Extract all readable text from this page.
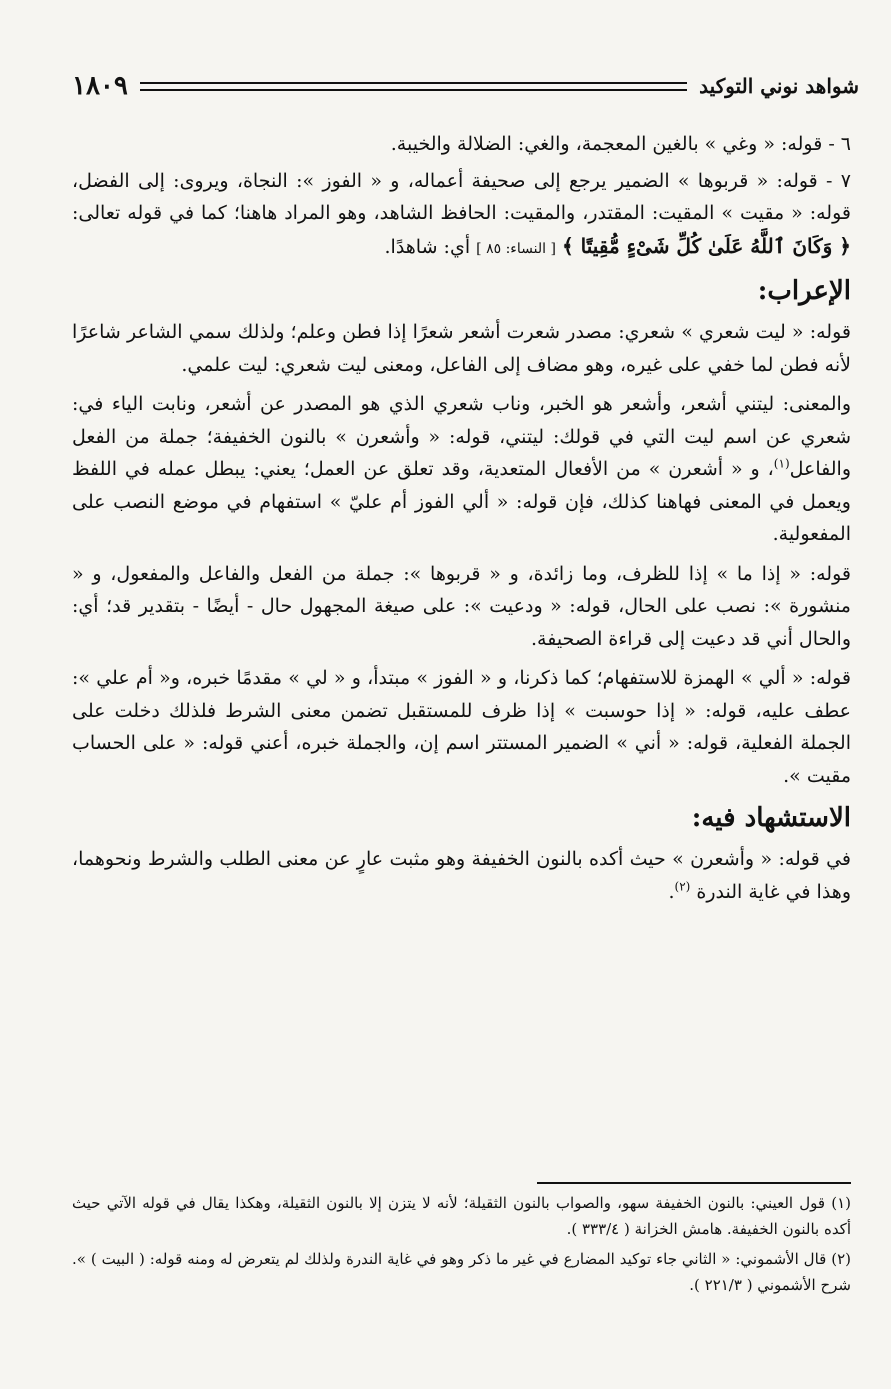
شواهد نوني التوكيد
١٨٠٩

٦ - قوله: « وغي » بالغين المعجمة، والغي: الضلالة والخيبة.

٧ - قوله: « قربوها » الضمير يرجع إلى صحيفة أعماله، و « الفوز »: النجاة، ويروى: إلى الفضل، قوله: « مقيت » المقيت: المقتدر، والمقيت: الحافظ الشاهد، وهو المراد هاهنا؛ كما في قوله تعالى: ﴿ وَكَانَ ٱللَّهُ عَلَىٰ كُلِّ شَىْءٍ مُّقِيتًا ﴾ [ النساء: ٨٥ ] أي: شاهدًا.

الإعراب:

قوله: « ليت شعري » شعري: مصدر شعرت أشعر شعرًا إذا فطن وعلم؛ ولذلك سمي الشاعر شاعرًا لأنه فطن لما خفي على غيره، وهو مضاف إلى الفاعل، ومعنى ليت شعري: ليت علمي.

والمعنى: ليتني أشعر، وأشعر هو الخبر، وناب شعري الذي هو المصدر عن أشعر، ونابت الياء في: شعري عن اسم ليت التي في قولك: ليتني، قوله: « وأشعرن » بالنون الخفيفة؛ جملة من الفعل والفاعل$^{(١)}$، و « أشعرن » من الأفعال المتعدية، وقد تعلق عن العمل؛ يعني: يبطل عمله في اللفظ ويعمل في المعنى فهاهنا كذلك، فإن قوله: « ألي الفوز أم عليّ » استفهام في موضع النصب على المفعولية.

قوله: « إذا ما » إذا للظرف، وما زائدة، و « قربوها »: جملة من الفعل والفاعل والمفعول، و « منشورة »: نصب على الحال، قوله: « ودعيت »: على صيغة المجهول حال - أيضًا - بتقدير قد؛ أي: والحال أني قد دعيت إلى قراءة الصحيفة.

قوله: « ألي » الهمزة للاستفهام؛ كما ذكرنا، و « الفوز » مبتدأ، و « لي » مقدمًا خبره، و« أم علي »: عطف عليه، قوله: « إذا حوسبت » إذا ظرف للمستقبل تضمن معنى الشرط فلذلك دخلت على الجملة الفعلية، قوله: « أني » الضمير المستتر اسم إن، والجملة خبره، أعني قوله: « على الحساب مقيت ».

الاستشهاد فيه:

في قوله: « وأشعرن » حيث أكده بالنون الخفيفة وهو مثبت عارٍ عن معنى الطلب والشرط ونحوهما، وهذا في غاية الندرة $^{(٢)}$.

(١) قول العيني: بالنون الخفيفة سهو، والصواب بالنون الثقيلة؛ لأنه لا يتزن إلا بالنون الثقيلة، وهكذا يقال في قوله الآتي حيث أكده بالنون الخفيفة. هامش الخزانة ( ٣٣٣/٤ ).

(٢) قال الأشموني: « الثاني جاء توكيد المضارع في غير ما ذكر وهو في غاية الندرة ولذلك لم يتعرض له ومنه قوله: ( البيت ) ». شرح الأشموني ( ٢٢١/٣ ).
